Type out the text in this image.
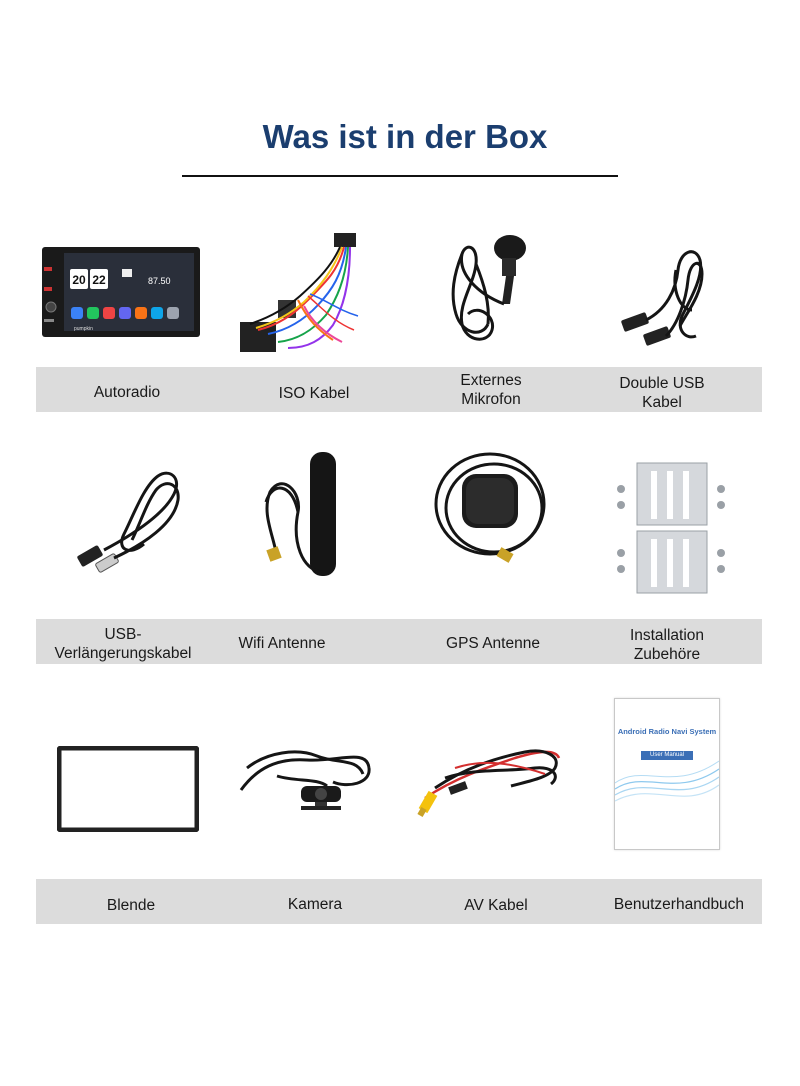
Was ist in der Box
20 22	87.50
pumpkin
Autoradio	ISO Kabel
Externes
Mikrofon
Double USB
Kabel
USB-
Verlängerungskabel
Wifi Antenne	GPS Antenne	Installation
Zubehöre
Android Radio Navi System
User Manual
Blende	Kamera	AV Kabel	Benutzerhandbuch
